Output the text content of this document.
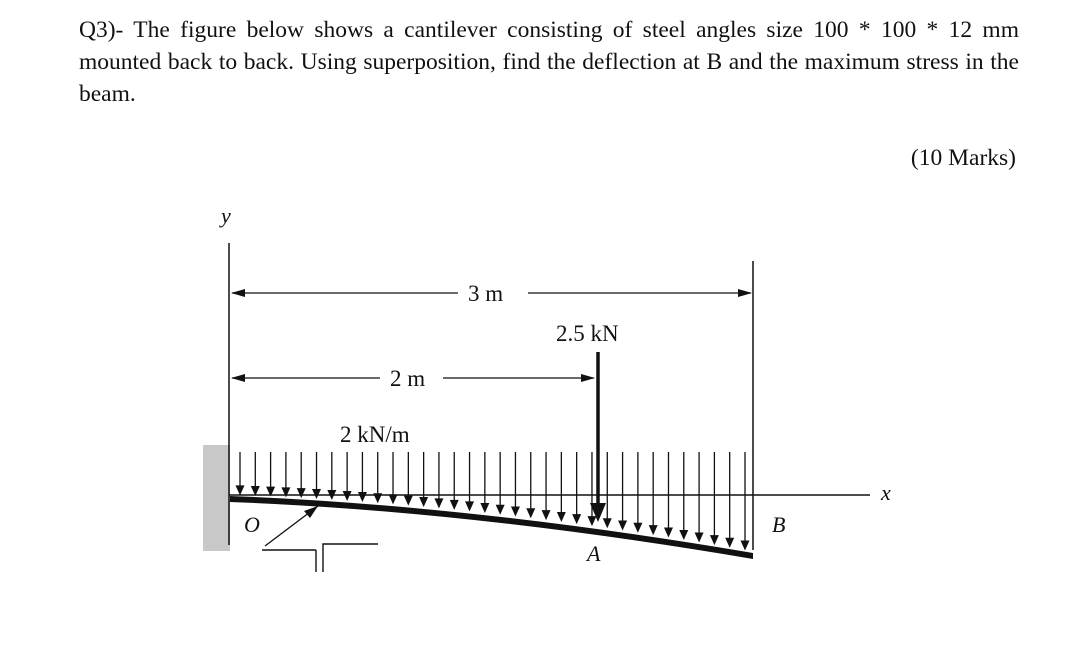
Q3)- The figure below shows a cantilever consisting of steel angles size 100 * 100 * 12 mm mounted back to back. Using superposition, find the deflection at B and the maximum stress in the beam.
(10 Marks)
y
3 m
2 m
2.5 kN
2 kN/m
x
O
A
B
